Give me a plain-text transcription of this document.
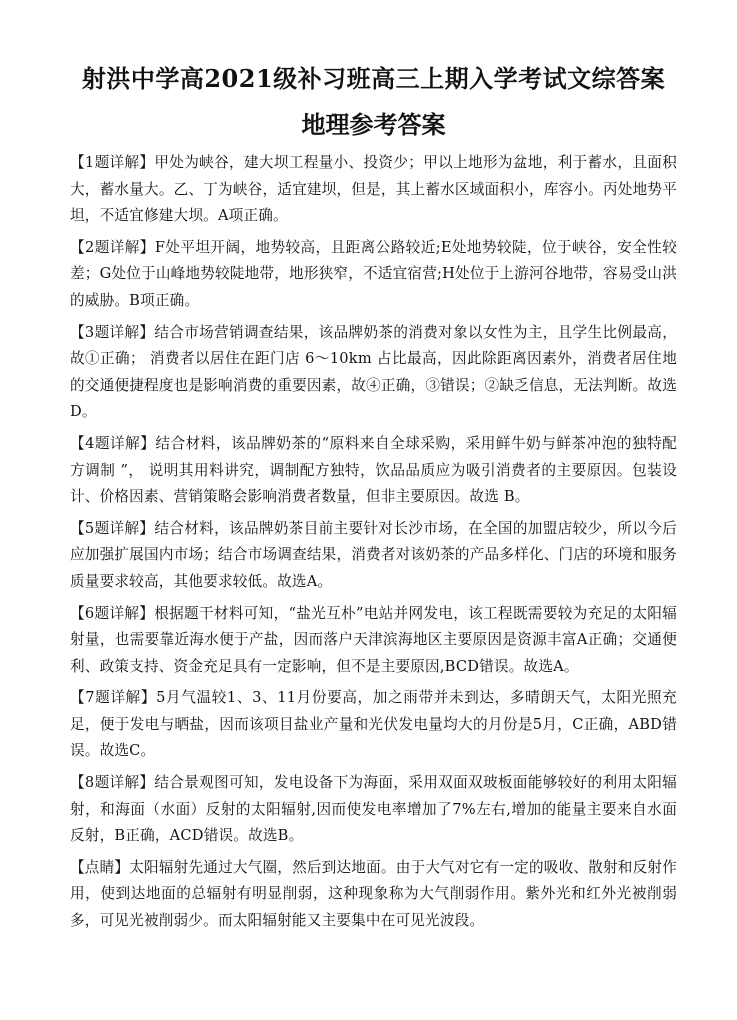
射洪中学高2021级补习班高三上期入学考试文综答案
地理参考答案
【1题详解】甲处为峡谷，建大坝工程量小、投资少；甲以上地形为盆地，利于蓄水，且面积大，蓄水量大。乙、丁为峡谷，适宜建坝，但是，其上蓄水区域面积小，库容小。丙处地势平坦，不适宜修建大坝。A项正确。
【2题详解】F处平坦开阔，地势较高，且距离公路较近;E处地势较陡，位于峡谷，安全性较差；G处位于山峰地势较陡地带，地形狭窄，不适宜宿营;H处位于上游河谷地带，容易受山洪的威胁。B项正确。
【3题详解】结合市场营销调查结果，该品牌奶茶的消费对象以女性为主，且学生比例最高，故①正确； 消费者以居住在距门店 6～10km 占比最高，因此除距离因素外，消费者居住地的交通便捷程度也是影响消费的重要因素，故④正确，③错误；②缺乏信息，无法判断。故选 D。
【4题详解】结合材料，该品牌奶茶的“原料来自全球采购，采用鲜牛奶与鲜茶冲泡的独特配方调制 ”， 说明其用料讲究，调制配方独特，饮品品质应为吸引消费者的主要原因。包装设计、价格因素、营销策略会影响消费者数量，但非主要原因。故选 B。
【5题详解】结合材料，该品牌奶茶目前主要针对长沙市场，在全国的加盟店较少，所以今后应加强扩展国内市场；结合市场调查结果，消费者对该奶茶的产品多样化、门店的环境和服务质量要求较高，其他要求较低。故选A。
【6题详解】根据题干材料可知，“盐光互朴”电站并网发电，该工程既需要较为充足的太阳辐射量，也需要靠近海水便于产盐，因而落户天津滨海地区主要原因是资源丰富A正确；交通便利、政策支持、资金充足具有一定影响，但不是主要原因,BCD错误。故选A。
【7题详解】5月气温较1、3、11月份要高，加之雨带并未到达，多晴朗天气，太阳光照充足，便于发电与晒盐，因而该项目盐业产量和光伏发电量均大的月份是5月，C正确，ABD错误。故选C。
【8题详解】结合景观图可知，发电设备下为海面，采用双面双玻板面能够较好的利用太阳辐射，和海面（水面）反射的太阳辐射,因而使发电率增加了7%左右,增加的能量主要来自水面反射，B正确，ACD错误。故选B。
【点睛】太阳辐射先通过大气圈，然后到达地面。由于大气对它有一定的吸收、散射和反射作用，使到达地面的总辐射有明显削弱，这种现象称为大气削弱作用。紫外光和红外光被削弱多，可见光被削弱少。而太阳辐射能又主要集中在可见光波段。
